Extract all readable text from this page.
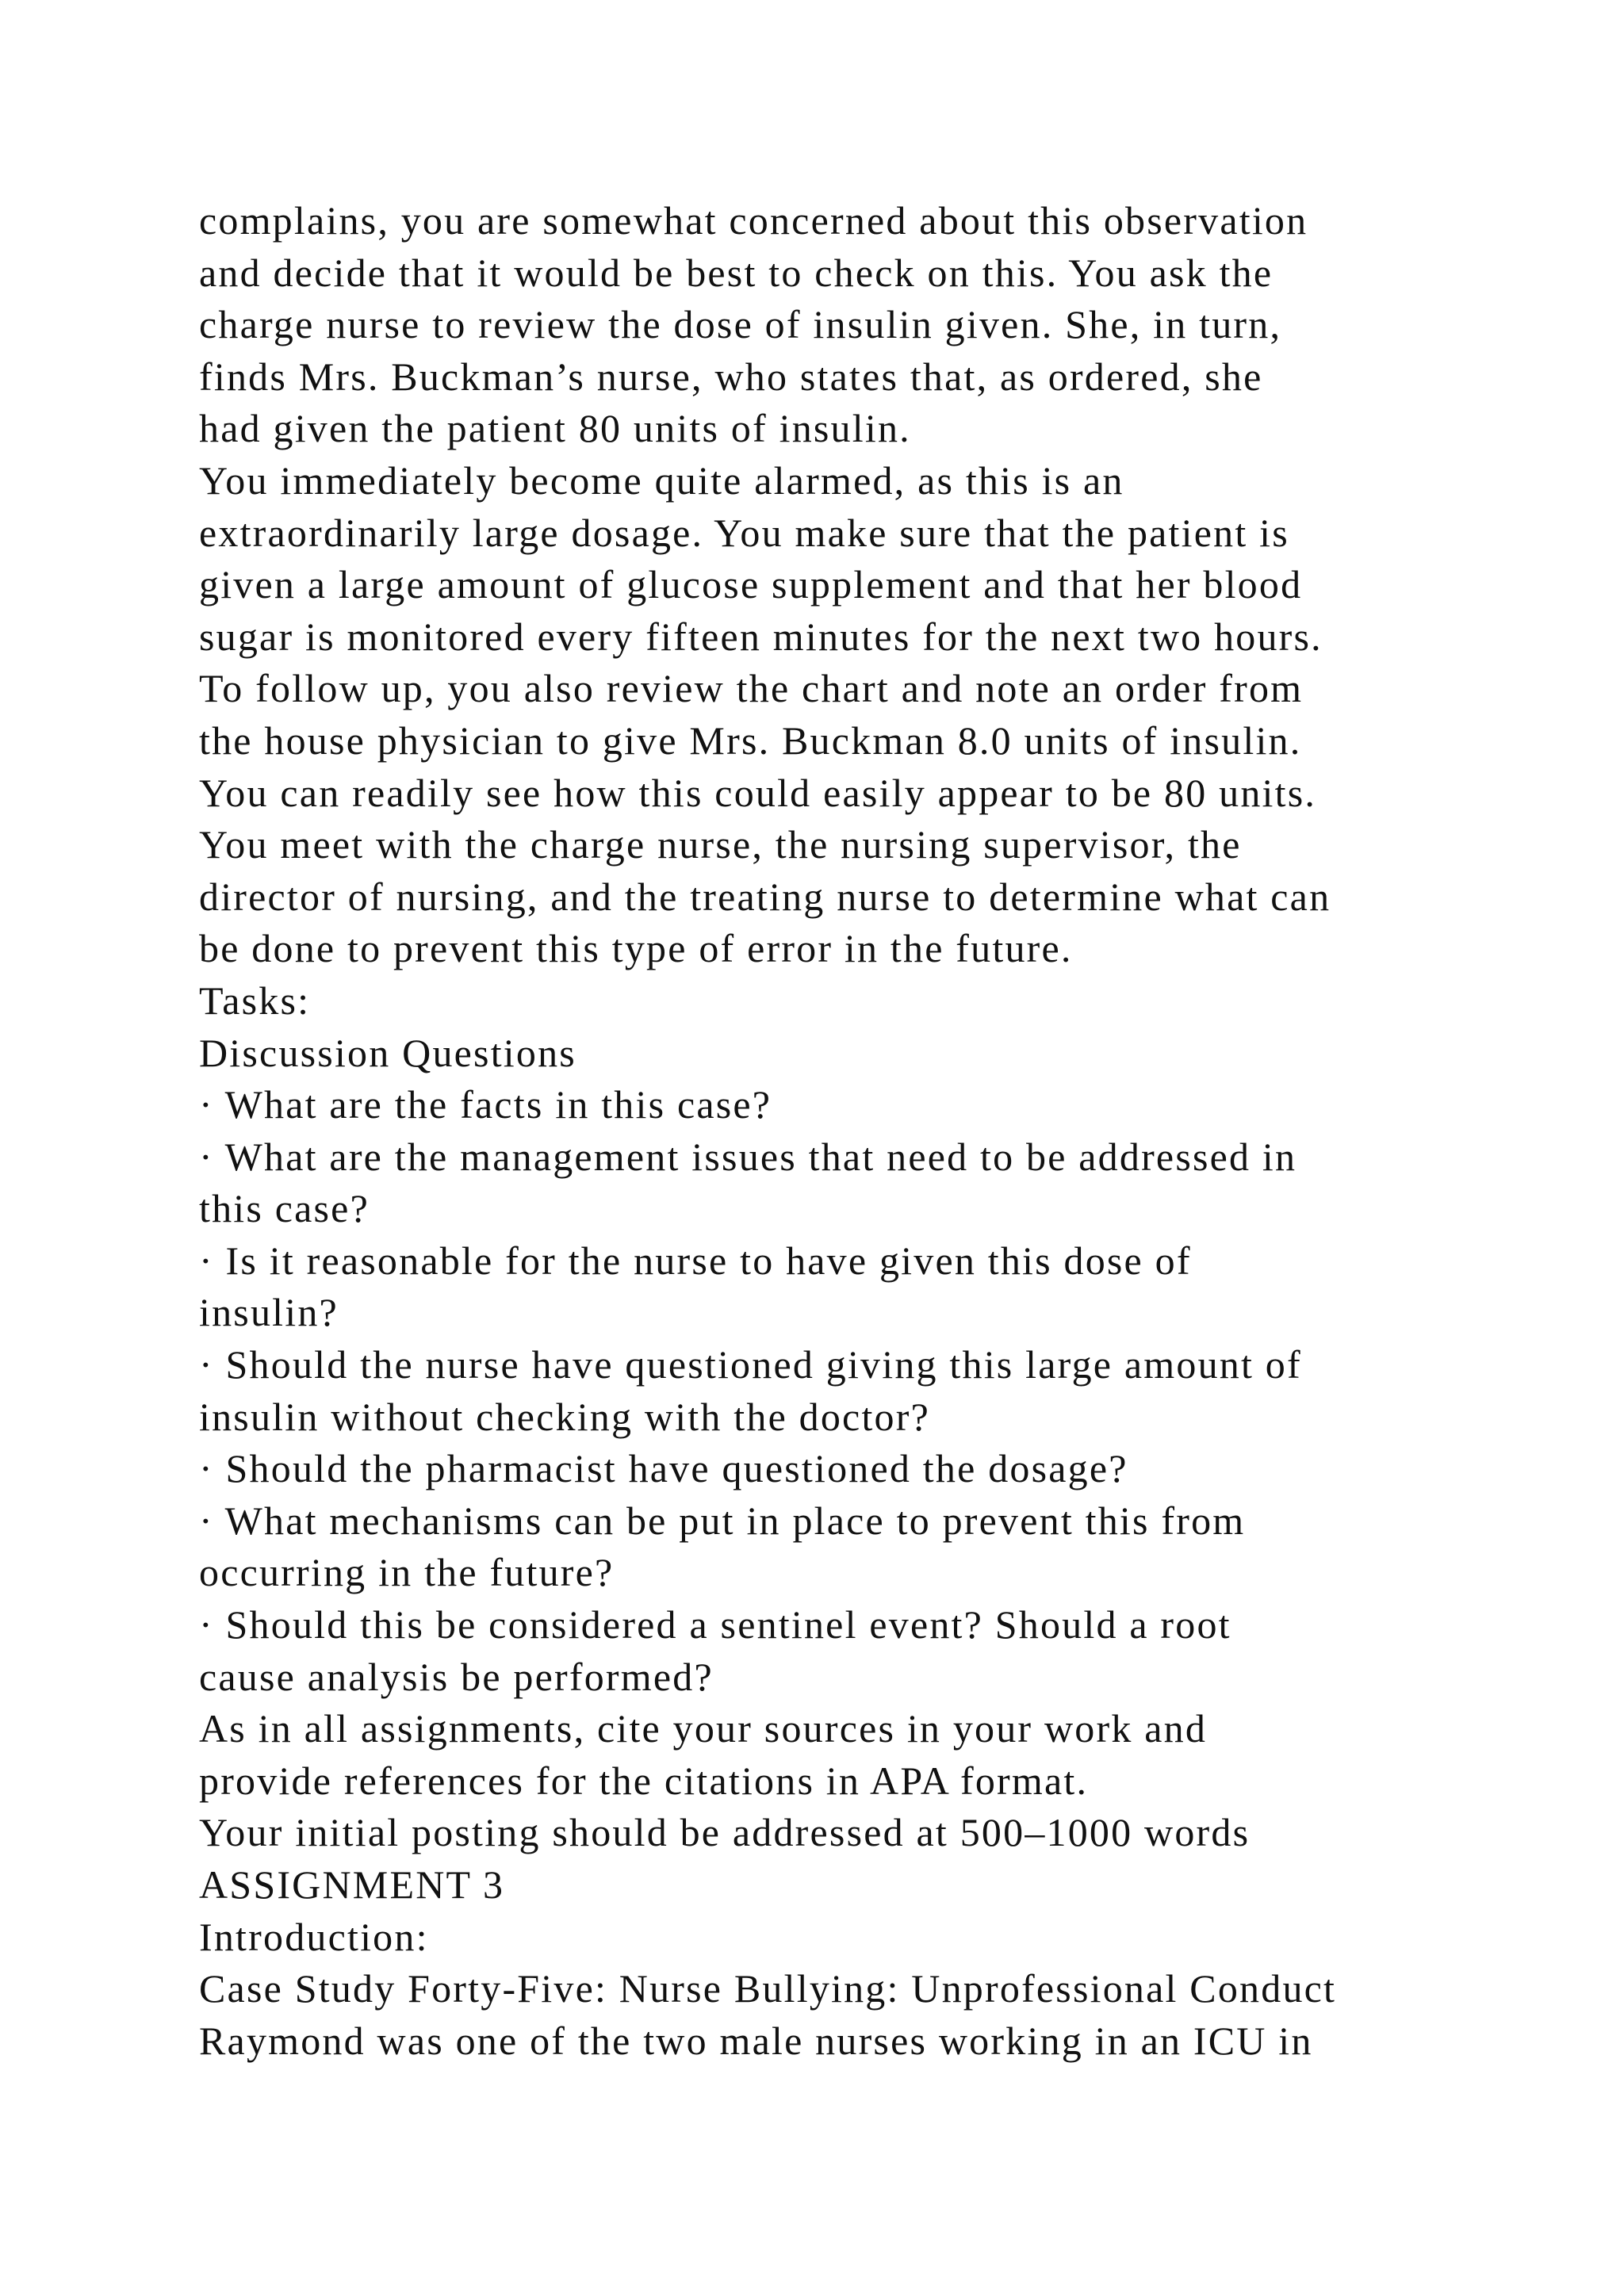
complains, you are somewhat concerned about this observation
and decide that it would be best to check on this. You ask the
charge nurse to review the dose of insulin given. She, in turn,
finds Mrs. Buckman’s nurse, who states that, as ordered, she
had given the patient 80 units of insulin.
You immediately become quite alarmed, as this is an
extraordinarily large dosage. You make sure that the patient is
given a large amount of glucose supplement and that her blood
sugar is monitored every fifteen minutes for the next two hours.
To follow up, you also review the chart and note an order from
the house physician to give Mrs. Buckman 8.0 units of insulin.
You can readily see how this could easily appear to be 80 units.
You meet with the charge nurse, the nursing supervisor, the
director of nursing, and the treating nurse to determine what can
be done to prevent this type of error in the future.
Tasks:
Discussion Questions
· What are the facts in this case?
· What are the management issues that need to be addressed in
this case?
· Is it reasonable for the nurse to have given this dose of
insulin?
· Should the nurse have questioned giving this large amount of
insulin without checking with the doctor?
· Should the pharmacist have questioned the dosage?
· What mechanisms can be put in place to prevent this from
occurring in the future?
· Should this be considered a sentinel event? Should a root
cause analysis be performed?
As in all assignments, cite your sources in your work and
provide references for the citations in APA format.
Your initial posting should be addressed at 500–1000 words
ASSIGNMENT 3
Introduction:
Case Study Forty-Five: Nurse Bullying: Unprofessional Conduct
Raymond was one of the two male nurses working in an ICU in
